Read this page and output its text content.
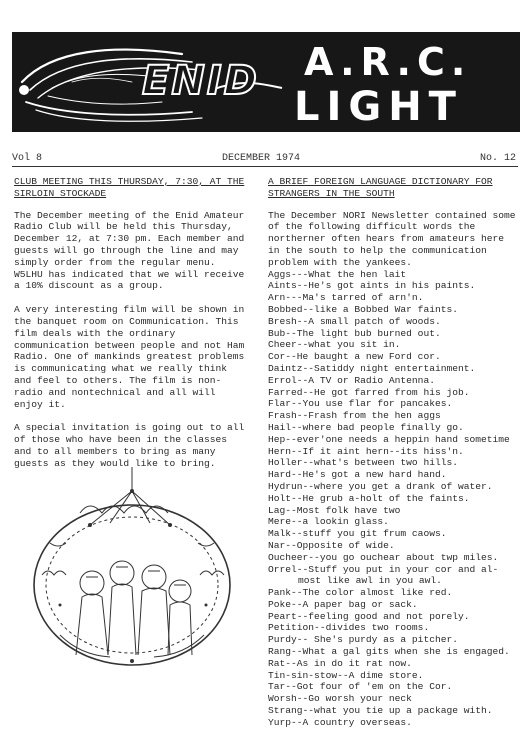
ENID A.R.C.
LIGHT
Vol 8	DECEMBER 1974	No. 12
CLUB MEETING THIS THURSDAY, 7:30, AT THE
SIRLOIN STOCKADE
The December meeting of the Enid Amateur Radio Club will be held this Thursday, December 12, at 7:30 pm. Each member and guests will go through the line and may simply order from the regular menu. W5LHU has indicated that we will receive a 10% discount as a group.
A very interesting film will be shown in the banquet room on Communication. This film deals with the ordinary communication between people and not Ham Radio. One of mankinds greatest problems is communicating what we really think and feel to others. The film is non-radio and nontechnical and all will enjoy it.
A special invitation is going out to all of those who have been in the classes and to all members to bring as many guests as they would like to bring.
A BRIEF FOREIGN LANGUAGE DICTIONARY FOR
STRANGERS IN THE SOUTH
The December NORI Newsletter contained some of the following difficult words the northerner often hears from amateurs here in the south to help the communication problem with the yankees.
Aggs---What the hen lait
Aints--He's got aints in his paints.
Arn---Ma's tarred of arn'n.
Bobbed--like a Bobbed War faints.
Bresh--A small patch of woods.
Bub--The light bub burned out.
Cheer--what you sit in.
Cor--He baught a new Ford cor.
Daintz--Satiddy night entertainment.
Errol--A TV or Radio Antenna.
Farred--He got farred from his job.
Flar--You use flar for pancakes.
Frash--Frash from the hen aggs
Hail--where bad people finally go.
Hep--ever'one needs a heppin hand sometime
Hern--If it aint hern--its hiss'n.
Holler--what's between two hills.
Hard--He's got a new hard hand.
Hydrun--where you get a drank of water.
Holt--He grub a-holt of the faints.
Lag--Most folk have two
Mere--a lookin glass.
Malk--stuff you git frum caows.
Nar--Opposite of wide.
Oucheer--you go ouchear about twp miles.
Orrel--Stuff you put in your cor and al-
most like awl in you awl.
Pank--The color almost like red.
Poke--A paper bag or sack.
Peart--feeling good and not porely.
Petition--divides two rooms.
Purdy-- She's purdy as a pitcher.
Rang--What a gal gits when she is engaged.
Rat--As in do it rat now.
Tin-sin-stow--A dime store.
Tar--Got four of 'em on the Cor.
Worsh--Go worsh your neck
Strang--what you tie up a package with.
Yurp--A country overseas.
